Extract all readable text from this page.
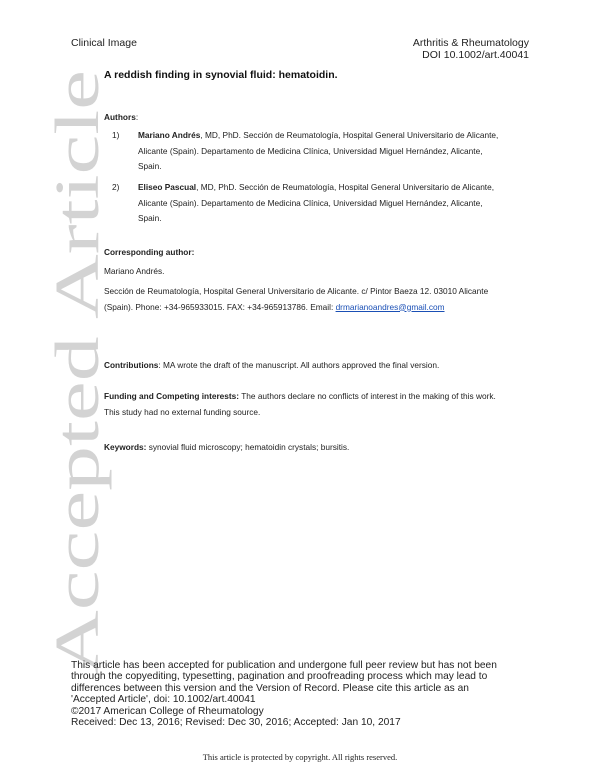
Clinical Image	Arthritis & Rheumatology
DOI 10.1002/art.40041
Accepted Article
A reddish finding in synovial fluid: hematoidin.
Authors:
1) Mariano Andrés, MD, PhD. Sección de Reumatología, Hospital General Universitario de Alicante, Alicante (Spain). Departamento de Medicina Clínica, Universidad Miguel Hernández, Alicante, Spain.
2) Eliseo Pascual, MD, PhD. Sección de Reumatología, Hospital General Universitario de Alicante, Alicante (Spain). Departamento de Medicina Clínica, Universidad Miguel Hernández, Alicante, Spain.
Corresponding author:
Mariano Andrés.
Sección de Reumatología, Hospital General Universitario de Alicante. c/ Pintor Baeza 12. 03010 Alicante (Spain). Phone: +34-965933015. FAX: +34-965913786. Email: drmarianoandres@gmail.com
Contributions: MA wrote the draft of the manuscript. All authors approved the final version.
Funding and Competing interests: The authors declare no conflicts of interest in the making of this work. This study had no external funding source.
Keywords: synovial fluid microscopy; hematoidin crystals; bursitis.
This article has been accepted for publication and undergone full peer review but has not been
through the copyediting, typesetting, pagination and proofreading process which may lead to
differences between this version and the Version of Record. Please cite this article as an
'Accepted Article', doi: 10.1002/art.40041
©2017 American College of Rheumatology
Received: Dec 13, 2016; Revised: Dec 30, 2016; Accepted: Jan 10, 2017
This article is protected by copyright. All rights reserved.
